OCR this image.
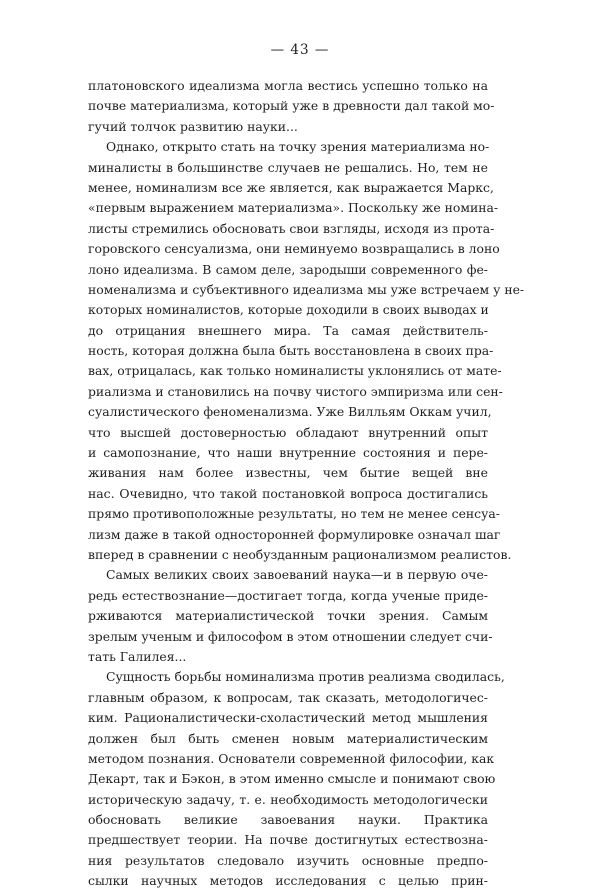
— 43 —
платоновского идеализма могла вестись успешно только на
почве материализма, который уже в древности дал такой мо-
гучий толчок развитию науки...
Однако, открыто стать на точку зрения материализма но-
миналисты в большинстве случаев не решались. Но, тем не
менее, номинализм все же является, как выражается Маркс,
«первым выражением материализма». Поскольку же номина-
листы стремились обосновать свои взгляды, исходя из прота-
горовского сенсуализма, они неминуемо возвращались в лоно
лоно идеализма. В самом деле, зародыши современного фе-
номенализма и субъективного идеализма мы уже встречаем у не-
которых номиналистов, которые доходили в своих выводах и
до отрицания внешнего мира. Та самая действитель-
ность, которая должна была быть восстановлена в своих пра-
вах, отрицалась, как только номиналисты уклонялись от мате-
риализма и становились на почву чистого эмпиризма или сен-
суалистического феноменализма. Уже Вилльям Оккам учил,
что высшей достоверностью обладают внутренний опыт
и самопознание, что наши внутренние состояния и пере-
живания нам более известны, чем бытие вещей вне
нас. Очевидно, что такой постановкой вопроса достигались
прямо противоположные результаты, но тем не менее сенсуа-
лизм даже в такой односторонней формулировке означал шаг
вперед в сравнении с необузданным рационализмом реалистов.
Самых великих своих завоеваний наука—и в первую оче-
редь естествознание—достигает тогда, когда ученые приде-
рживаются материалистической точки зрения. Самым
зрелым ученым и философом в этом отношении следует счи-
тать Галилея...
Сущность борьбы номинализма против реализма сводилась,
главным образом, к вопросам, так сказать, методологичес-
ким. Рационалистически-схоластический метод мышления
должен был быть сменен новым материалистическим
методом познания. Основатели современной философии, как
Декарт, так и Бэкон, в этом именно смысле и понимают свою
историческую задачу, т. е. необходимость методологически
обосновать великие завоевания науки. Практика
предшествует теории. На почве достигнутых естествозна-
ния результатов следовало изучить основные предпо-
сылки научных методов исследования с целью прин-
